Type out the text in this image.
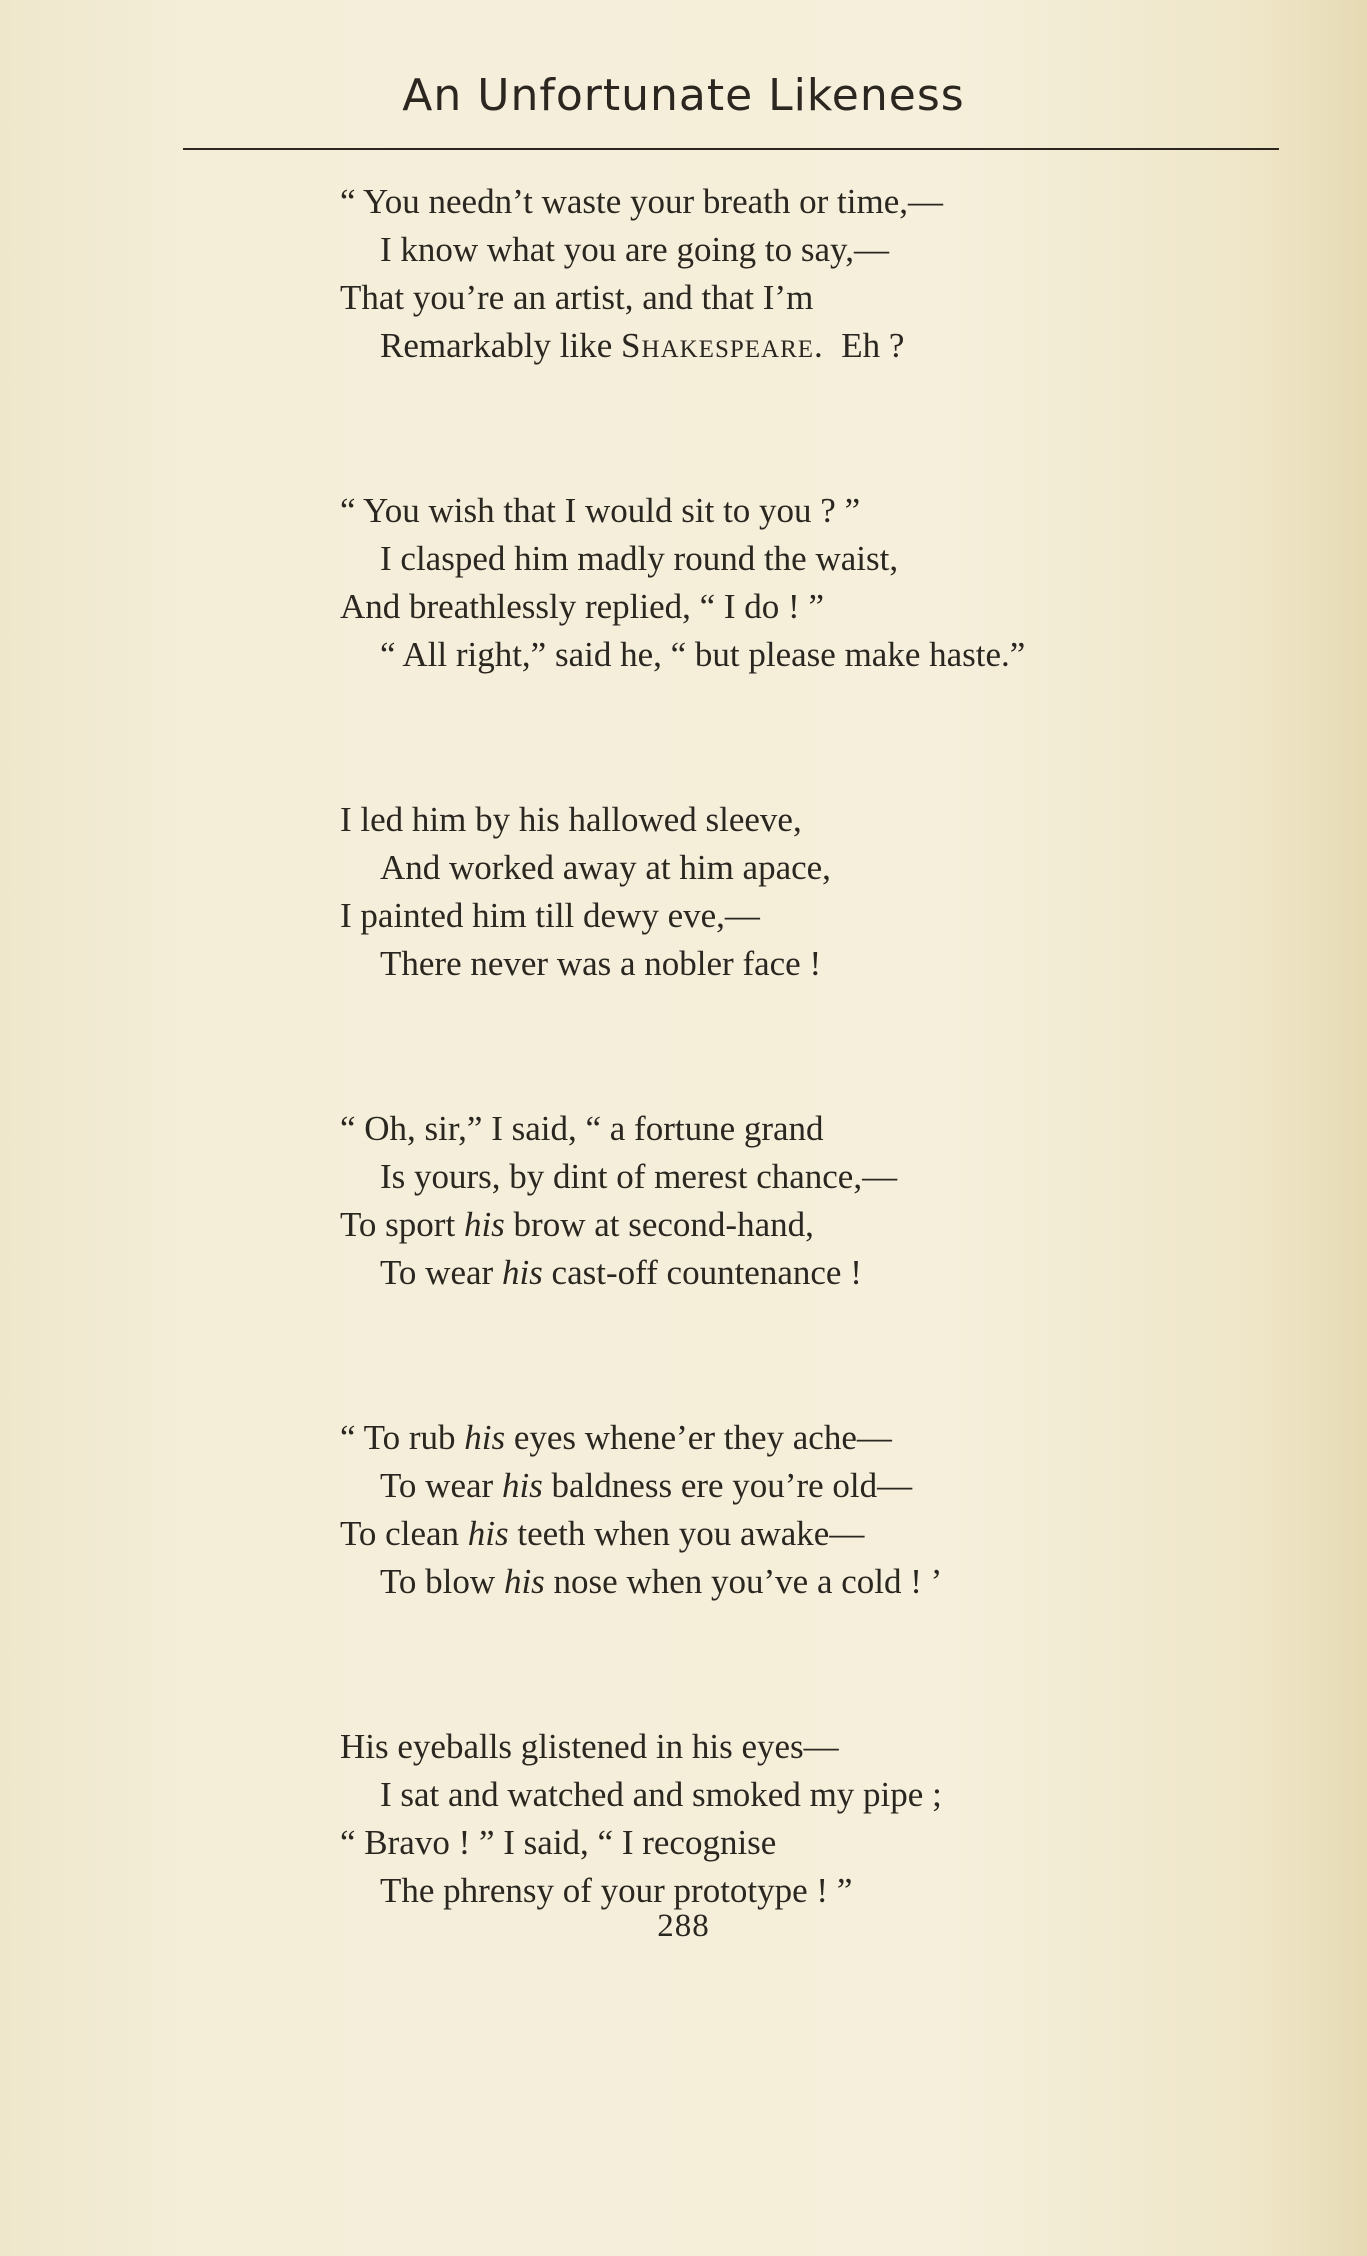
An Unfortunate Likeness
“ You needn’t waste your breath or time,—
I know what you are going to say,—
That you’re an artist, and that I’m
Remarkably like Shakespeare.  Eh ?
“ You wish that I would sit to you ? ”
I clasped him madly round the waist,
And breathlessly replied, “ I do ! ”
“ All right,” said he, “ but please make haste.”
I led him by his hallowed sleeve,
And worked away at him apace,
I painted him till dewy eve,—
There never was a nobler face !
“ Oh, sir,” I said, “ a fortune grand
Is yours, by dint of merest chance,—
To sport his brow at second-hand,
To wear his cast-off countenance !
“ To rub his eyes whene’er they ache—
To wear his baldness ere you’re old—
To clean his teeth when you awake—
To blow his nose when you’ve a cold ! ’
His eyeballs glistened in his eyes—
I sat and watched and smoked my pipe ;
“ Bravo ! ” I said, “ I recognise
The phrensy of your prototype ! ”
288
